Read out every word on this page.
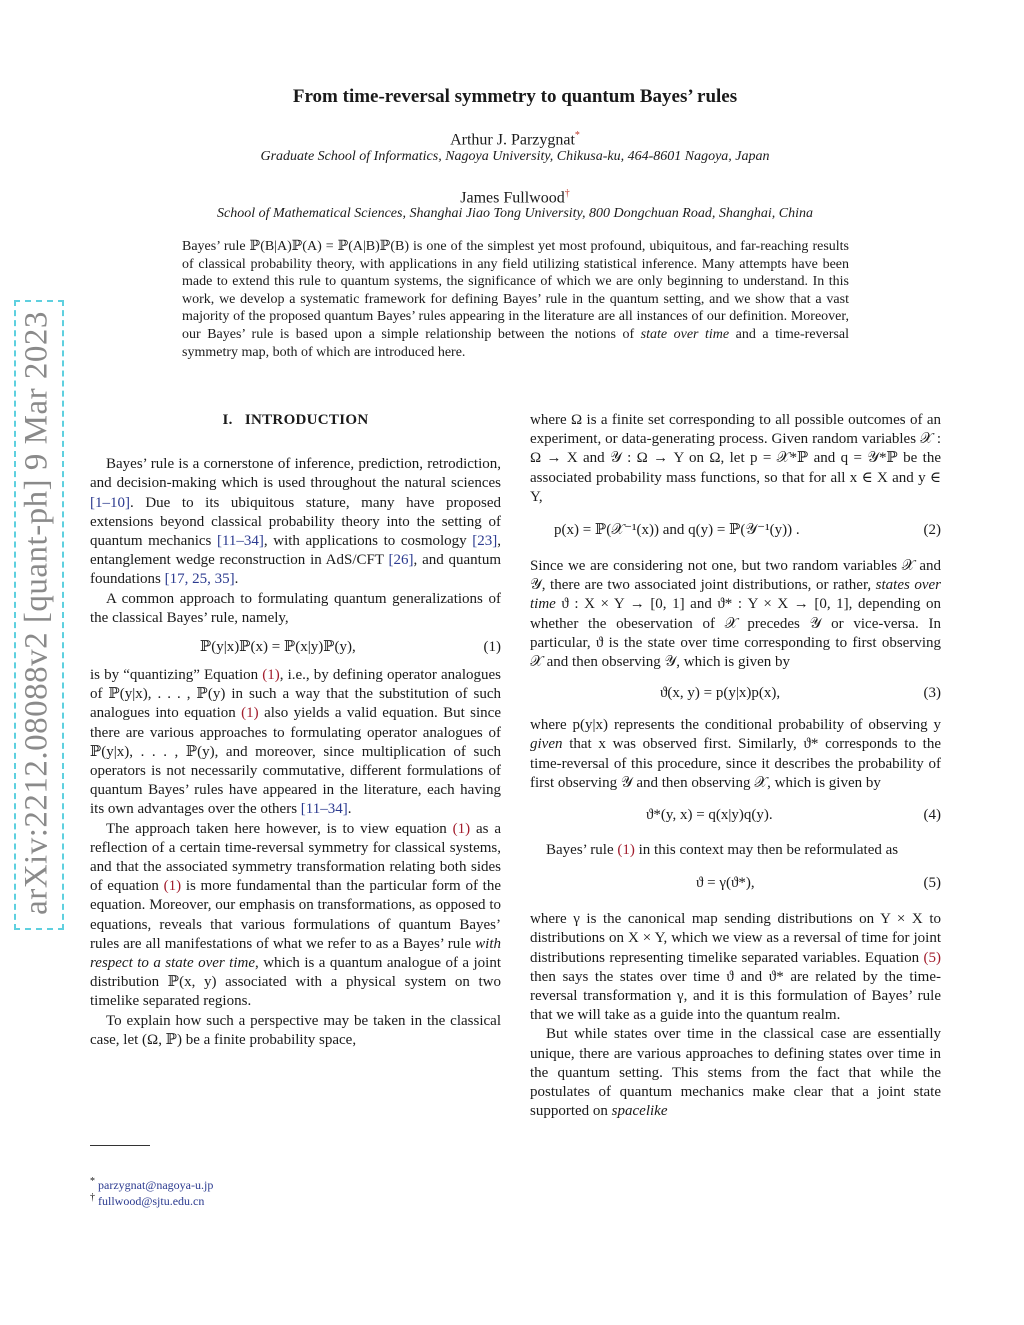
arXiv:2212.08088v2 [quant-ph] 9 Mar 2023
From time-reversal symmetry to quantum Bayes’ rules
Arthur J. Parzygnat*
Graduate School of Informatics, Nagoya University, Chikusa-ku, 464-8601 Nagoya, Japan
James Fullwood†
School of Mathematical Sciences, Shanghai Jiao Tong University, 800 Dongchuan Road, Shanghai, China
Bayes’ rule ℙ(B|A)ℙ(A) = ℙ(A|B)ℙ(B) is one of the simplest yet most profound, ubiquitous, and far-reaching results of classical probability theory, with applications in any field utilizing statistical inference. Many attempts have been made to extend this rule to quantum systems, the significance of which we are only beginning to understand. In this work, we develop a systematic framework for defining Bayes’ rule in the quantum setting, and we show that a vast majority of the proposed quantum Bayes’ rules appearing in the literature are all instances of our definition. Moreover, our Bayes’ rule is based upon a simple relationship between the notions of state over time and a time-reversal symmetry map, both of which are introduced here.
I. INTRODUCTION

Bayes’ rule is a cornerstone of inference, prediction, retrodiction, and decision-making which is used throughout the natural sciences [1–10]. Due to its ubiquitous stature, many have proposed extensions beyond classical probability theory into the setting of quantum mechanics [11–34], with applications to cosmology [23], entanglement wedge reconstruction in AdS/CFT [26], and quantum foundations [17, 25, 35].

A common approach to formulating quantum generalizations of the classical Bayes’ rule, namely,

ℙ(y|x)ℙ(x) = ℙ(x|y)ℙ(y),	(1)

is by “quantizing” Equation (1), i.e., by defining operator analogues of ℙ(y|x), . . . , ℙ(y) in such a way that the substitution of such analogues into equation (1) also yields a valid equation. But since there are various approaches to formulating operator analogues of ℙ(y|x), . . . , ℙ(y), and moreover, since multiplication of such operators is not necessarily commutative, different formulations of quantum Bayes’ rules have appeared in the literature, each having its own advantages over the others [11–34].

The approach taken here however, is to view equation (1) as a reflection of a certain time-reversal symmetry for classical systems, and that the associated symmetry transformation relating both sides of equation (1) is more fundamental than the particular form of the equation. Moreover, our emphasis on transformations, as opposed to equations, reveals that various formulations of quantum Bayes’ rules are all manifestations of what we refer to as a Bayes’ rule with respect to a state over time, which is a quantum analogue of a joint distribution ℙ(x, y) associated with a physical system on two timelike separated regions.

To explain how such a perspective may be taken in the classical case, let (Ω, ℙ) be a finite probability space,

* parzygnat@nagoya-u.jp
† fullwood@sjtu.edu.cn

where Ω is a finite set corresponding to all possible outcomes of an experiment, or data-generating process. Given random variables 𝒳 : Ω → X and 𝒴 : Ω → Y on Ω, let p = 𝒳*ℙ and q = 𝒴*ℙ be the associated probability mass functions, so that for all x ∈ X and y ∈ Y,

p(x) = ℙ(𝒳⁻¹(x)) and q(y) = ℙ(𝒴⁻¹(y)) .	(2)

Since we are considering not one, but two random variables 𝒳 and 𝒴, there are two associated joint distributions, or rather, states over time ϑ : X × Y → [0, 1] and ϑ* : Y × X → [0, 1], depending on whether the obeservation of 𝒳 precedes 𝒴 or vice-versa. In particular, ϑ is the state over time corresponding to first observing 𝒳 and then observing 𝒴, which is given by

ϑ(x, y) = p(y|x)p(x),	(3)

where p(y|x) represents the conditional probability of observing y given that x was observed first. Similarly, ϑ* corresponds to the time-reversal of this procedure, since it describes the probability of first observing 𝒴 and then observing 𝒳, which is given by

ϑ*(y, x) = q(x|y)q(y).	(4)

Bayes’ rule (1) in this context may then be reformulated as

ϑ = γ(ϑ*),	(5)

where γ is the canonical map sending distributions on Y × X to distributions on X × Y, which we view as a reversal of time for joint distributions representing timelike separated variables. Equation (5) then says the states over time ϑ and ϑ* are related by the time-reversal transformation γ, and it is this formulation of Bayes’ rule that we will take as a guide into the quantum realm.

But while states over time in the classical case are essentially unique, there are various approaches to defining states over time in the quantum setting. This stems from the fact that while the postulates of quantum mechanics make clear that a joint state supported on spacelike
